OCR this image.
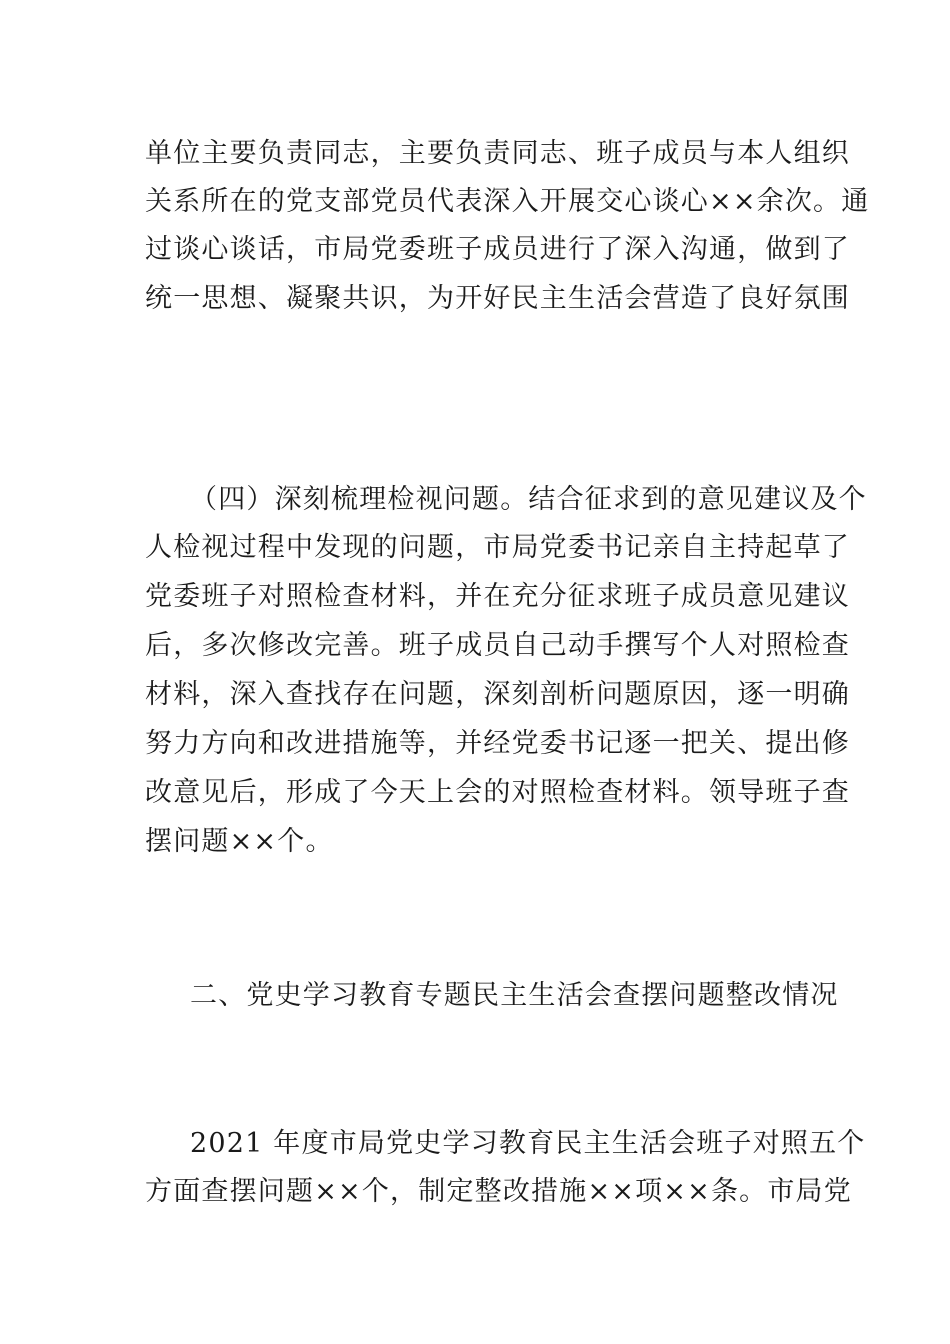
单位主要负责同志，主要负责同志、班子成员与本人组织
关系所在的党支部党员代表深入开展交心谈心××余次。通
过谈心谈话，市局党委班子成员进行了深入沟通，做到了
统一思想、凝聚共识，为开好民主生活会营造了良好氛围
（四）深刻梳理检视问题。结合征求到的意见建议及个
人检视过程中发现的问题，市局党委书记亲自主持起草了
党委班子对照检查材料，并在充分征求班子成员意见建议
后，多次修改完善。班子成员自己动手撰写个人对照检查
材料，深入查找存在问题，深刻剖析问题原因，逐一明确
努力方向和改进措施等，并经党委书记逐一把关、提出修
改意见后，形成了今天上会的对照检查材料。领导班子查
摆问题××个。
二、党史学习教育专题民主生活会查摆问题整改情况
2021 年度市局党史学习教育民主生活会班子对照五个
方面查摆问题××个，制定整改措施××项××条。市局党
